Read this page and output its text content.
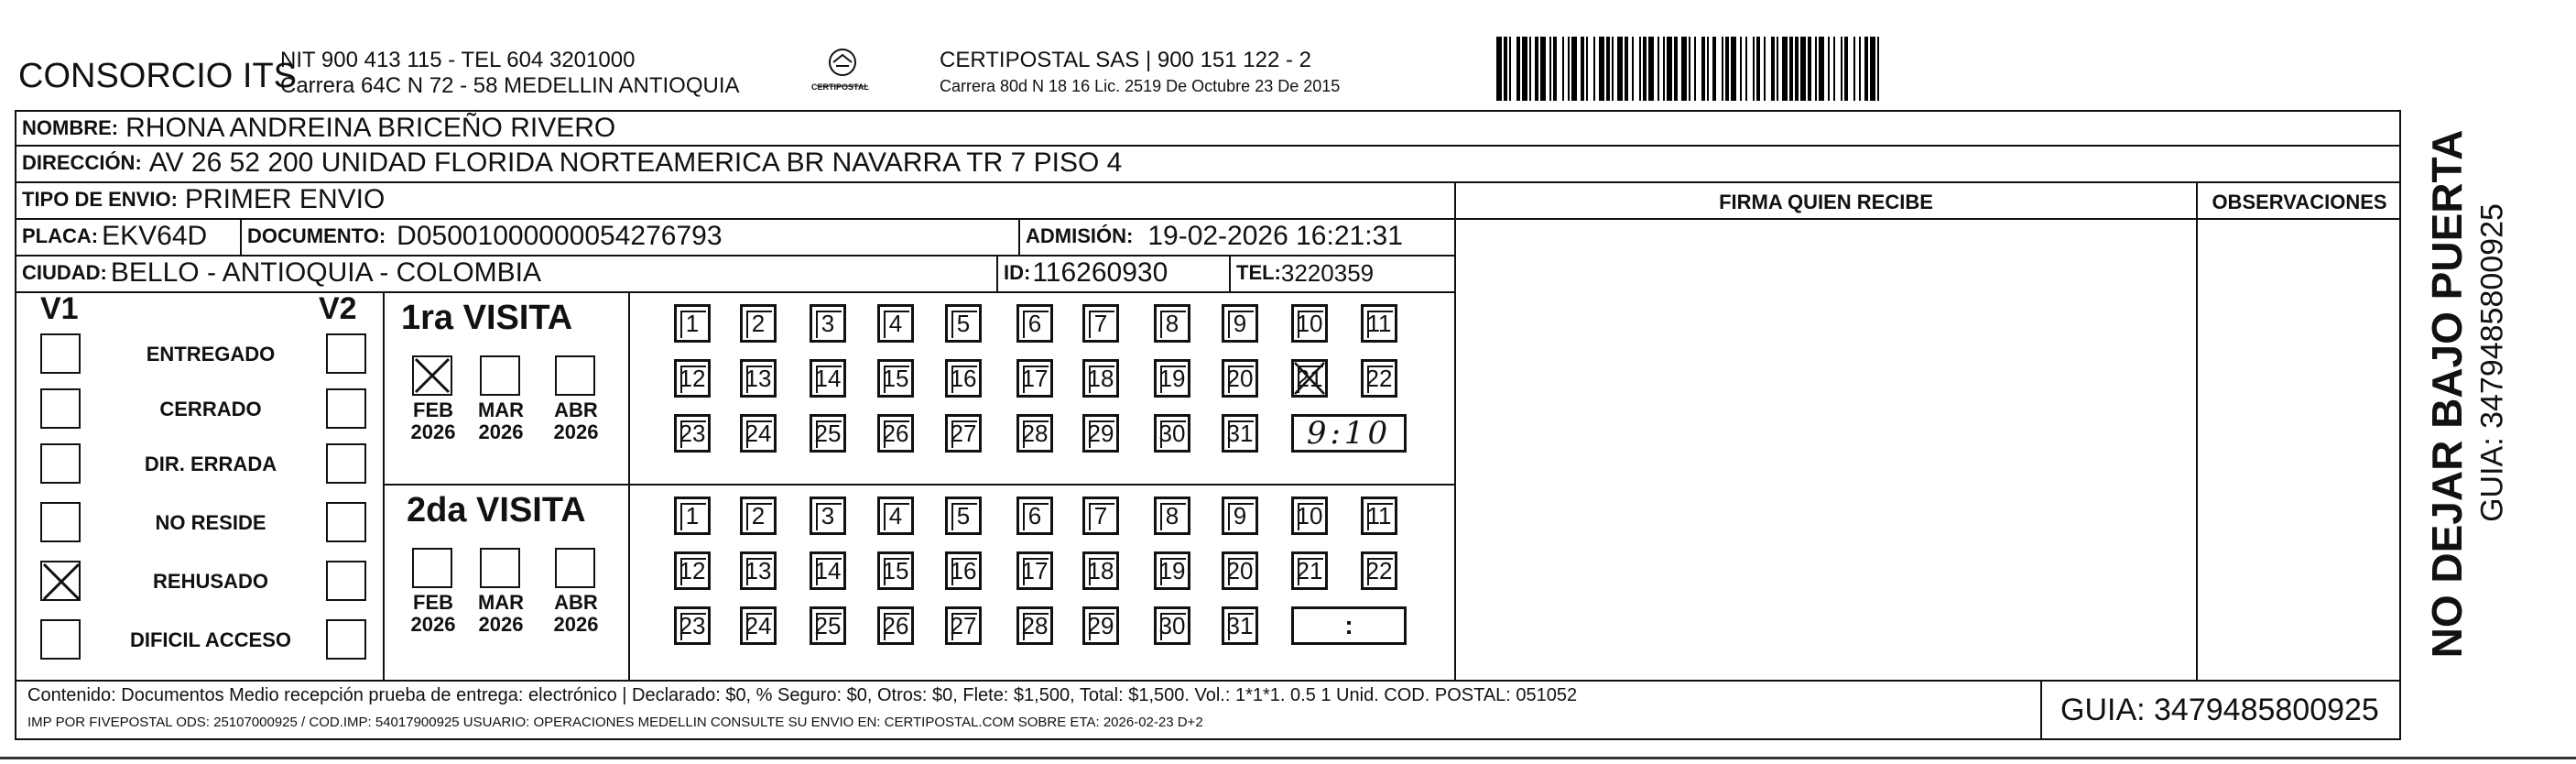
CONSORCIO ITS
NIT 900 413 115 - TEL 604 3201000
Carrera 64C N 72 - 58 MEDELLIN ANTIOQUIA	CERTIPOSTAL
CERTIPOSTAL SAS | 900 151 122 - 2
Carrera 80d N 18 16 Lic. 2519 De Octubre 23 De 2015
NOMBRE: RHONA ANDREINA BRICEÑO RIVERO
DIRECCIÓN: AV 26 52 200 UNIDAD FLORIDA NORTEAMERICA BR NAVARRA TR 7 PISO 4
TIPO DE ENVIO: PRIMER ENVIO	FIRMA QUIEN RECIBE	OBSERVACIONES
PLACA: EKV64D DOCUMENTO: D05001000000054276793	ADMISIÓN: 19-02-2026 16:21:31
CIUDAD: BELLO - ANTIOQUIA - COLOMBIA	ID: 116260930	TEL: 3220359
V1	V2
ENTREGADO
CERRADO
DIR. ERRADA
NO RESIDE
REHUSADO
DIFICIL ACCESO
1ra VISITA
FEB
2026
MAR
2026
ABR
2026
1 2 3 4 5 6 7 8 9 10 11
12 13 14 15 16 17 18 19 20 21 22
23 24 25 26 27 28 29 30 31 9:10
2da VISITA
FEB
2026
MAR
2026
ABR
2026
1 2 3 4 5 6 7 8 9 10 11
12 13 14 15 16 17 18 19 20 21 22
23 24 25 26 27 28 29 30 31	:
Contenido: Documentos Medio recepción prueba de entrega: electrónico | Declarado: $0, % Seguro: $0, Otros: $0, Flete: $1,500, Total: $1,500. Vol.: 1*1*1. 0.5 1 Unid. COD. POSTAL: 051052
IMP POR FIVEPOSTAL ODS: 25107000925 / COD.IMP: 54017900925 USUARIO: OPERACIONES MEDELLIN CONSULTE SU ENVIO EN: CERTIPOSTAL.COM SOBRE ETA: 2026-02-23 D+2	GUIA: 3479485800925
NO DEJAR BAJO PUERTA GUIA: 3479485800925
